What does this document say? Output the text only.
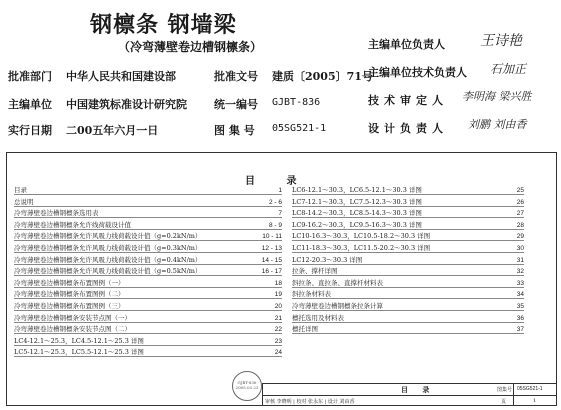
钢檩条 钢墙梁
（冷弯薄壁卷边槽钢檩条）
批准部门 中华人民共和国建设部	批准文号 建质〔2005〕71号
主编单位 中国建筑标准设计研究院 统一编号 GJBT-836
实行日期 二00五年六月一日	图 集 号 05SG521-1
主编单位负责人	王诗艳
主编单位技术负责人 石加正
技术审定人 李明海 梁兴胜
设计负责人 刘鹏 刘由香
目 录
目录	1
总说明	2 - 6
冷弯薄壁卷边槽钢檩条选用表	7
冷弯薄壁卷边槽钢檩条允许线荷载设计值	8 - 9
冷弯薄壁卷边槽钢檩条允许风吸力线荷载设计值（g=0.2kN/m）	10 - 11
冷弯薄壁卷边槽钢檩条允许风吸力线荷载设计值（g=0.3kN/m）	12 - 13
冷弯薄壁卷边槽钢檩条允许风吸力线荷载设计值（g=0.4kN/m）	14 - 15
冷弯薄壁卷边槽钢檩条允许风吸力线荷载设计值（g=0.5kN/m）	16 - 17
冷弯薄壁卷边槽钢檩条布置图例（一）	18
冷弯薄壁卷边槽钢檩条布置图例（二）	19
冷弯薄壁卷边槽钢檩条布置图例（三）	20
冷弯薄壁卷边槽钢檩条安装节点图（一）	21
冷弯薄壁卷边槽钢檩条安装节点图（二）	22
LC4-12.1～25.3，LC4.5-12.1～25.3 详图	23
LC5-12.1～25.3，LC5.5-12.1～25.3 详图	24
LC6-12.1～30.3，LC6.5-12.1～30.3 详图	25
LC7-12.1～30.3，LC7.5-12.3～30.3 详图	26
LC8-14.2～30.3，LC8.5-14.3～30.3 详图	27
LC9-16.2～30.3，LC9.5-16.3～30.3 详图	28
LC10-16.3～30.3，LC10.5-18.2～30.3 详图	29
LC11-18.3～30.3，LC11.5-20.2～30.3 详图	30
LC12-20.3～30.3 详图	31
拉条、撑杆详图	32
斜拉条、直拉条、直撑杆材料表	33
斜拉条材料表	34
冷弯薄壁卷边槽钢檩条拉条计算	35
檩托选用及材料表	36
檩托详图	37
GJBT-836 2005.03.23	目 录	图集号 05SG521-1
审核 李晓明 | 校对 张永东 | 设计 刘由香	页	1
